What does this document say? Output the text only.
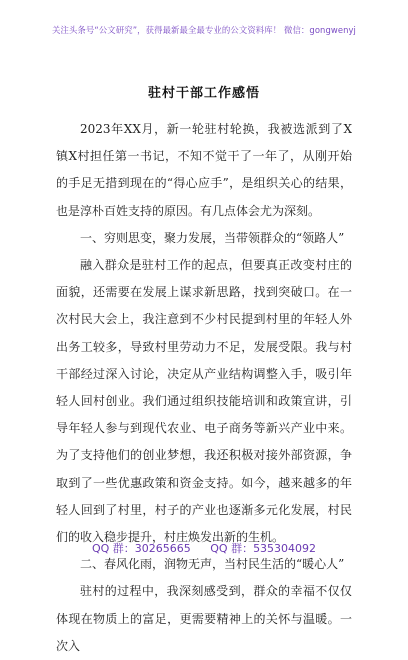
关注头条号“公文研究”，获得最新最全最专业的公文资料库！ 微信：gongwenyj
驻村干部工作感悟

2023年XX月，新一轮驻村轮换，我被选派到了X镇X村担任第一书记，不知不觉干了一年了，从刚开始的手足无措到现在的“得心应手”，是组织关心的结果，也是淳朴百姓支持的原因。有几点体会尤为深刻。

一、穷则思变，聚力发展，当带领群众的“领路人”

融入群众是驻村工作的起点，但要真正改变村庄的面貌，还需要在发展上谋求新思路，找到突破口。在一次村民大会上，我注意到不少村民提到村里的年轻人外出务工较多，导致村里劳动力不足，发展受限。我与村干部经过深入讨论，决定从产业结构调整入手，吸引年轻人回村创业。我们通过组织技能培训和政策宣讲，引导年轻人参与到现代农业、电子商务等新兴产业中来。为了支持他们的创业梦想，我还积极对接外部资源，争取到了一些优惠政策和资金支持。如今，越来越多的年轻人回到了村里，村子的产业也逐渐多元化发展，村民们的收入稳步提升，村庄焕发出新的生机。

二、春风化雨，润物无声，当村民生活的“暖心人”

驻村的过程中，我深刻感受到，群众的幸福不仅仅体现在物质上的富足，更需要精神上的关怀与温暖。一次入

QQ 群：30265665 QQ 群：535304092
